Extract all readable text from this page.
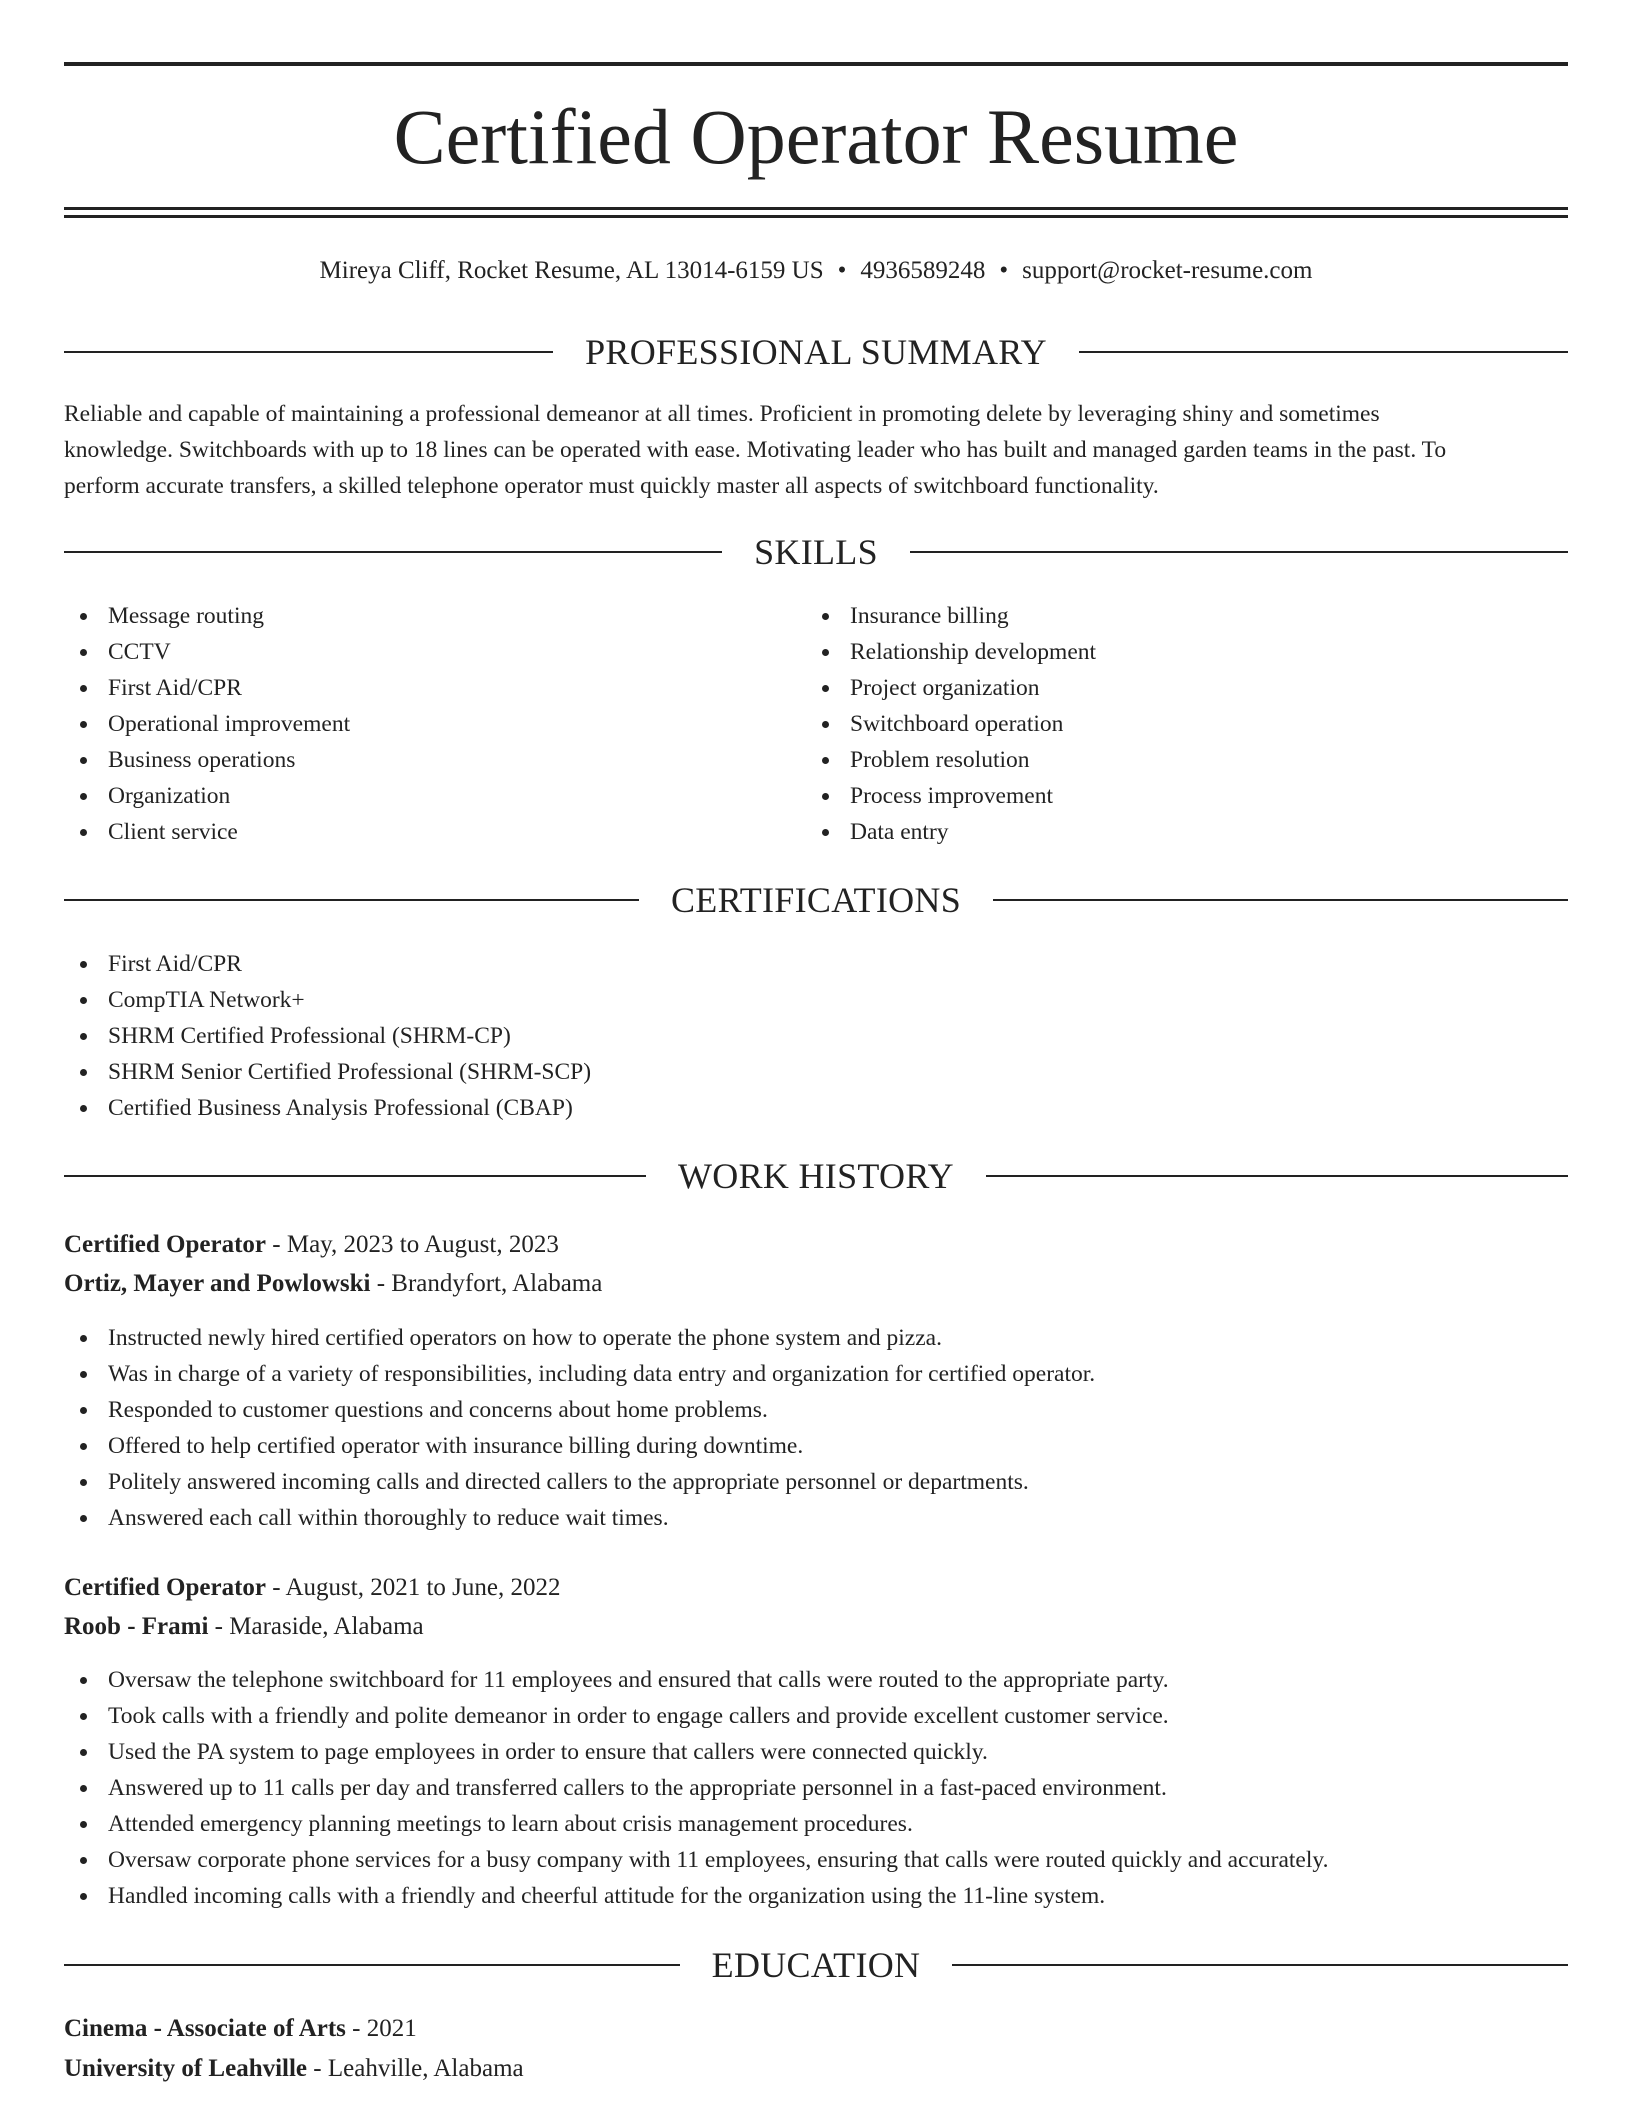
Certified Operator Resume
Mireya Cliff, Rocket Resume, AL 13014-6159 US • 4936589248 • support@rocket-resume.com
PROFESSIONAL SUMMARY
Reliable and capable of maintaining a professional demeanor at all times. Proficient in promoting delete by leveraging shiny and sometimes
knowledge. Switchboards with up to 18 lines can be operated with ease. Motivating leader who has built and managed garden teams in the past. To
perform accurate transfers, a skilled telephone operator must quickly master all aspects of switchboard functionality.
SKILLS
Message routing
CCTV
First Aid/CPR
Operational improvement
Business operations
Organization
Client service
Insurance billing
Relationship development
Project organization
Switchboard operation
Problem resolution
Process improvement
Data entry
CERTIFICATIONS
First Aid/CPR
CompTIA Network+
SHRM Certified Professional (SHRM-CP)
SHRM Senior Certified Professional (SHRM-SCP)
Certified Business Analysis Professional (CBAP)
WORK HISTORY
Certified Operator - May, 2023 to August, 2023
Ortiz, Mayer and Powlowski - Brandyfort, Alabama
Instructed newly hired certified operators on how to operate the phone system and pizza.
Was in charge of a variety of responsibilities, including data entry and organization for certified operator.
Responded to customer questions and concerns about home problems.
Offered to help certified operator with insurance billing during downtime.
Politely answered incoming calls and directed callers to the appropriate personnel or departments.
Answered each call within thoroughly to reduce wait times.
Certified Operator - August, 2021 to June, 2022
Roob - Frami - Maraside, Alabama
Oversaw the telephone switchboard for 11 employees and ensured that calls were routed to the appropriate party.
Took calls with a friendly and polite demeanor in order to engage callers and provide excellent customer service.
Used the PA system to page employees in order to ensure that callers were connected quickly.
Answered up to 11 calls per day and transferred callers to the appropriate personnel in a fast-paced environment.
Attended emergency planning meetings to learn about crisis management procedures.
Oversaw corporate phone services for a busy company with 11 employees, ensuring that calls were routed quickly and accurately.
Handled incoming calls with a friendly and cheerful attitude for the organization using the 11-line system.
EDUCATION
Cinema - Associate of Arts - 2021
University of Leahville - Leahville, Alabama
